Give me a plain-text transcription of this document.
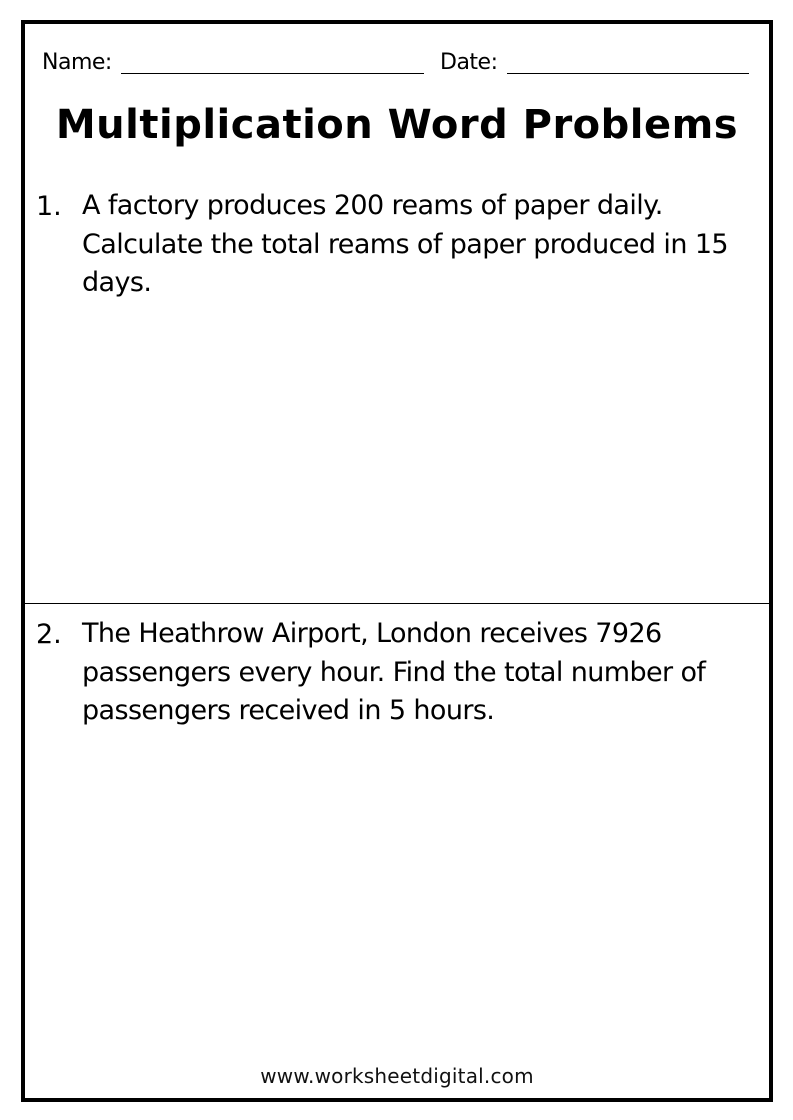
Name:	Date:
Multiplication Word Problems
1. A factory produces 200 reams of paper daily. Calculate the total reams of paper produced in 15 days.
2. The Heathrow Airport, London receives 7926 passengers every hour. Find the total number of passengers received in 5 hours.
www.worksheetdigital.com
